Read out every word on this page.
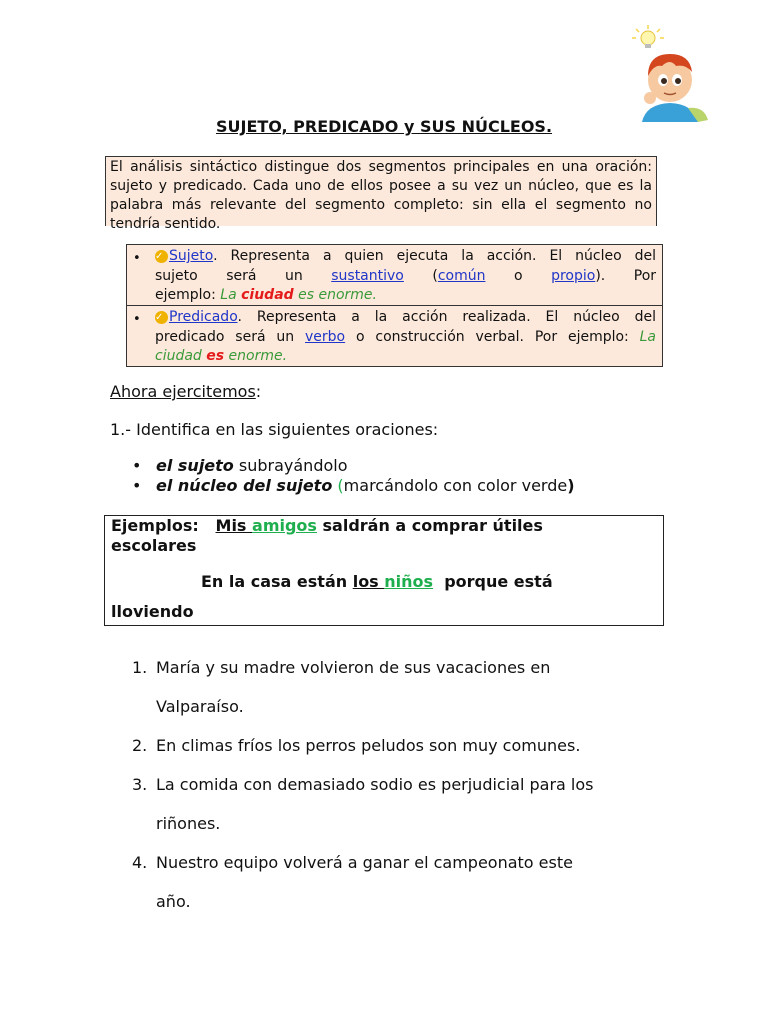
SUJETO, PREDICADO y SUS NÚCLEOS.
El análisis sintáctico distingue dos segmentos principales en una oración: sujeto y predicado. Cada uno de ellos posee a su vez un núcleo, que es la palabra más relevante del segmento completo: sin ella el segmento no tendría sentido.
• ✓ Sujeto. Representa a quien ejecuta la acción. El núcleo del
sujeto será un sustantivo (común o propio). Por
ejemplo: La ciudad es enorme.
• ✓ Predicado. Representa a la acción realizada. El núcleo del
predicado será un verbo o construcción verbal. Por ejemplo: La
ciudad es enorme.
Ahora ejercitemos:
1.- Identifica en las siguientes oraciones:
• el sujeto subrayándolo
• el núcleo del sujeto (marcándolo con color verde)
Ejemplos: Mis amigos saldrán a comprar útiles
escolares
En la casa están los niños  porque está
lloviendo
1. María y su madre volvieron de sus vacaciones en
Valparaíso.
2. En climas fríos los perros peludos son muy comunes.
3. La comida con demasiado sodio es perjudicial para los
riñones.
4. Nuestro equipo volverá a ganar el campeonato este
año.
